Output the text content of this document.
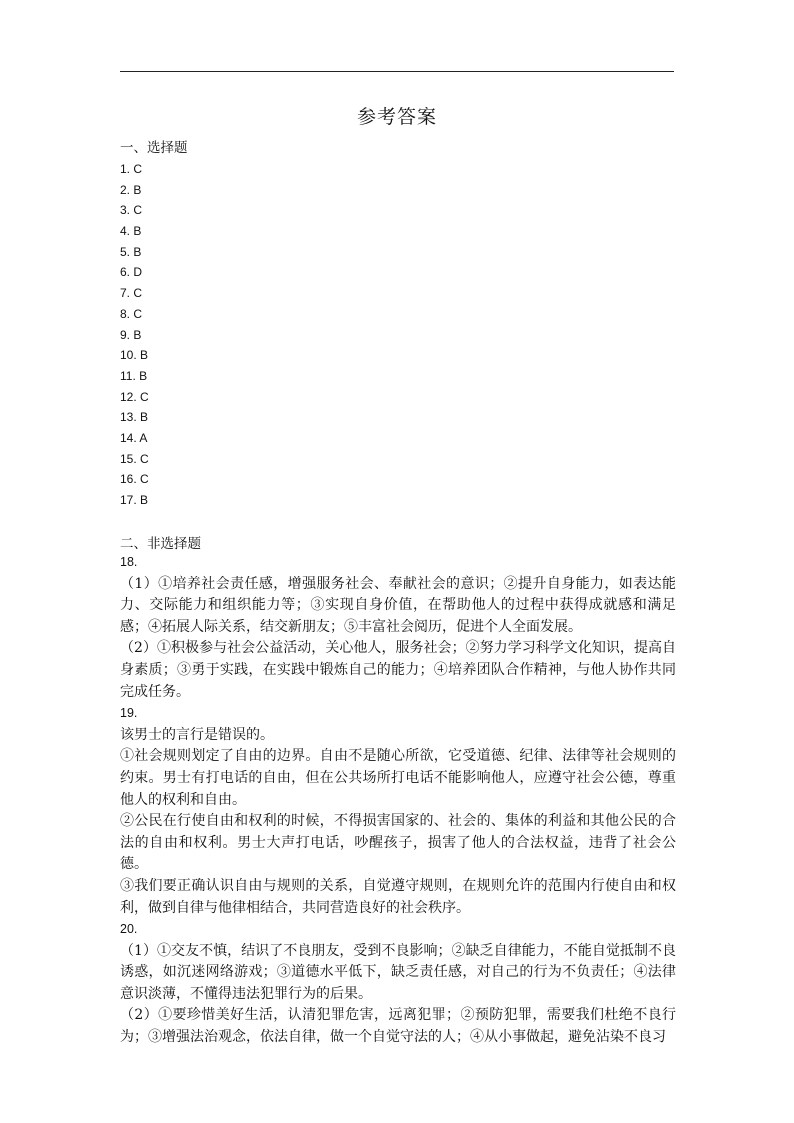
参考答案
一、选择题
1. C
2. B
3. C
4. B
5. B
6. D
7. C
8. C
9. B
10. B
11. B
12. C
13. B
14. A
15. C
16. C
17. B
二、非选择题
18.

（1）①培养社会责任感，增强服务社会、奉献社会的意识；②提升自身能力，如表达能力、交际能力和组织能力等；③实现自身价值，在帮助他人的过程中获得成就感和满足感；④拓展人际关系，结交新朋友；⑤丰富社会阅历，促进个人全面发展。

（2）①积极参与社会公益活动，关心他人，服务社会；②努力学习科学文化知识，提高自身素质；③勇于实践，在实践中锻炼自己的能力；④培养团队合作精神，与他人协作共同完成任务。

19.

该男士的言行是错误的。

①社会规则划定了自由的边界。自由不是随心所欲，它受道德、纪律、法律等社会规则的约束。男士有打电话的自由，但在公共场所打电话不能影响他人，应遵守社会公德，尊重他人的权利和自由。

②公民在行使自由和权利的时候，不得损害国家的、社会的、集体的利益和其他公民的合法的自由和权利。男士大声打电话，吵醒孩子，损害了他人的合法权益，违背了社会公德。

③我们要正确认识自由与规则的关系，自觉遵守规则，在规则允许的范围内行使自由和权利，做到自律与他律相结合，共同营造良好的社会秩序。

20.

（1）①交友不慎，结识了不良朋友，受到不良影响；②缺乏自律能力，不能自觉抵制不良诱惑，如沉迷网络游戏；③道德水平低下，缺乏责任感，对自己的行为不负责任；④法律意识淡薄，不懂得违法犯罪行为的后果。

（2）①要珍惜美好生活，认清犯罪危害，远离犯罪；②预防犯罪，需要我们杜绝不良行为；③增强法治观念，依法自律，做一个自觉守法的人；④从小事做起，避免沾染不良习
